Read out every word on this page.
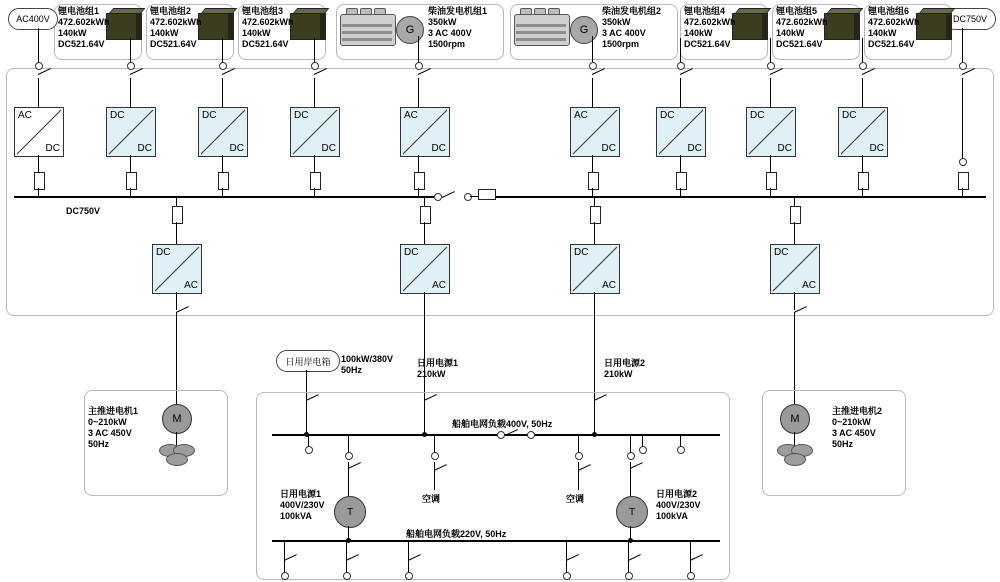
AC400V	DC750V
锂电池组1
472.602kWh
140kW
DC521.64V
锂电池组2
472.602kWh
140kW
DC521.64V
锂电池组3
472.602kWh
140kW
DC521.64V
锂电池组4
472.602kWh
140kW
DC521.64V
锂电池组5
472.602kWh
140kW
DC521.64V
锂电池组6
472.602kWh
140kW
DC521.64V
G
柴油发电机组1
350kW
3 AC 400V
1500rpm
G
柴油发电机组2
350kW
3 AC 400V
1500rpm
AC
DC
DC
DC
DC
DC
DC
DC
AC
DC
AC
DC
DC
DC
DC
DC
DC
DC
DC
AC
DC
AC
DC
AC
DC
AC
DC750V
M
主推进电机1
0~210kW
3 AC 450V
50Hz
M
主推进电机2
0~210kW
3 AC 450V
50Hz
日用电源1
210kW
日用电源2
210kW
日用岸电箱 100kW/380V
50Hz
船舶电网负载400V, 50Hz
T
日用电源1
400V/230V
100kVA	T
日用电源2
400V/230V
100kVA
空调	空调
船舶电网负载220V, 50Hz
